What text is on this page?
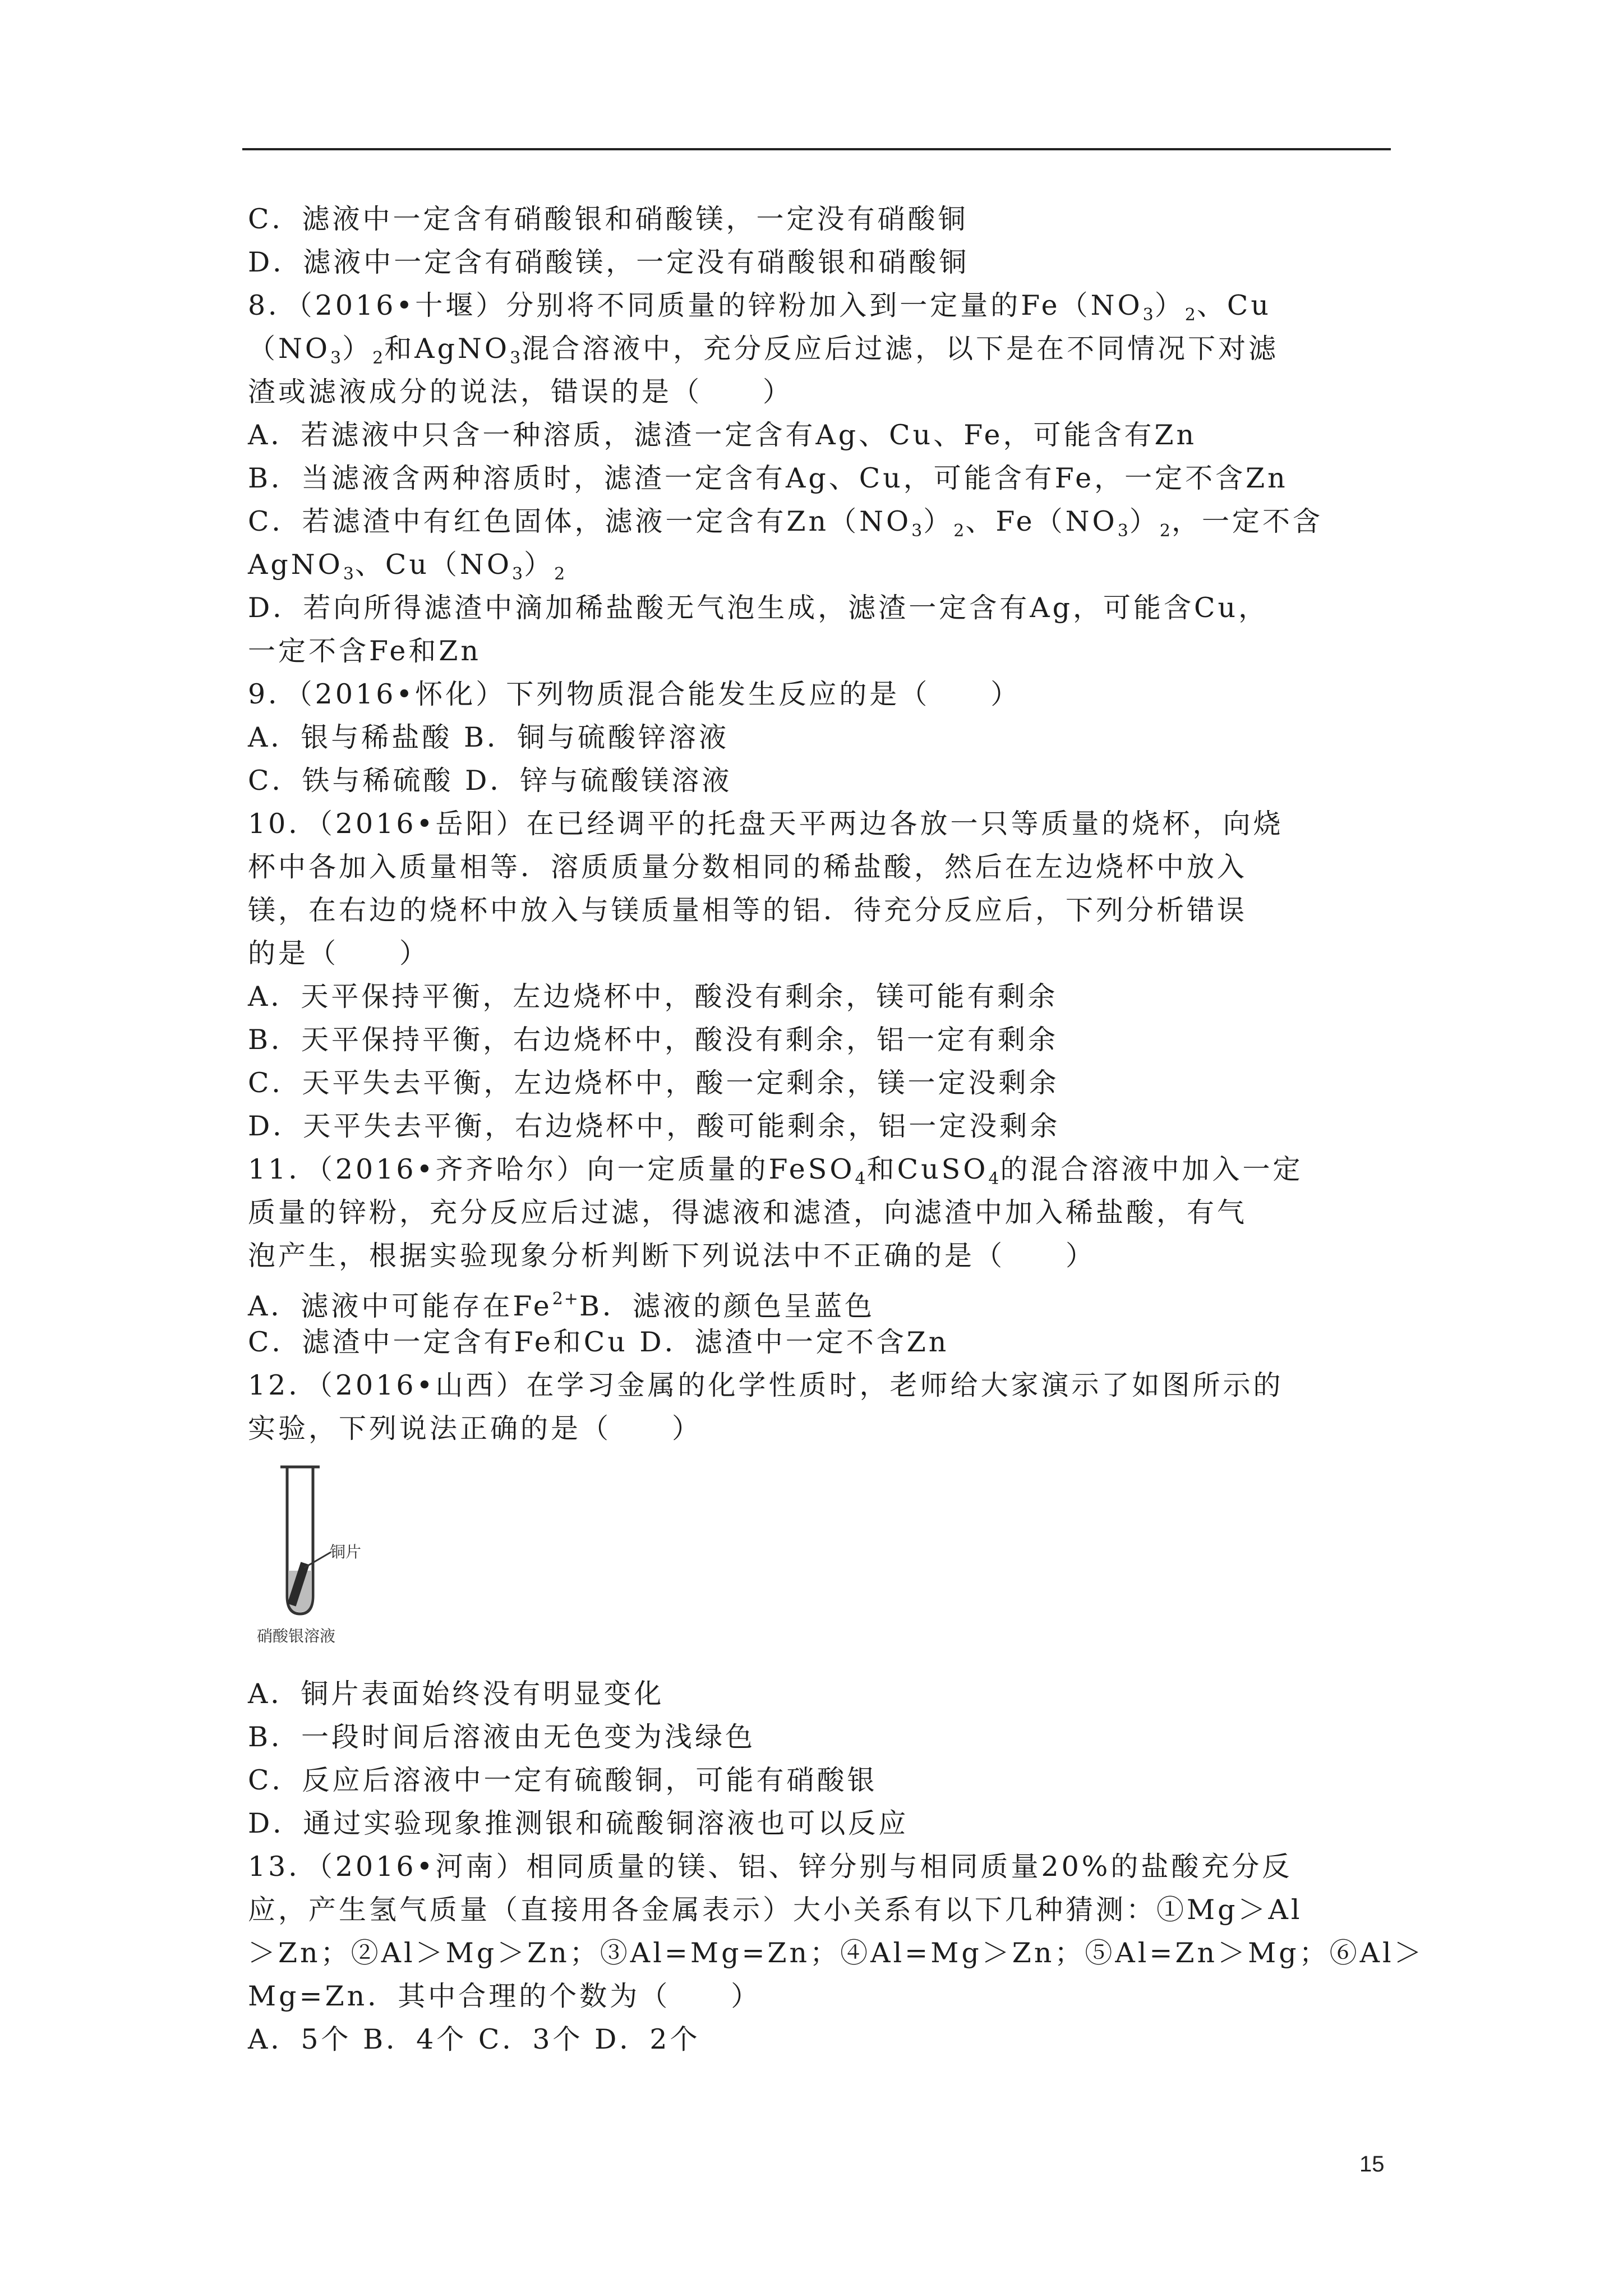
C．滤液中一定含有硝酸银和硝酸镁，一定没有硝酸铜
D．滤液中一定含有硝酸镁，一定没有硝酸银和硝酸铜
8．（2016•十堰）分别将不同质量的锌粉加入到一定量的$Fe(NO_3)_2$、Cu
$(NO_3)_2$和AgNO$_3$混合溶液中，充分反应后过滤，以下是在不同情况下对滤
渣或滤液成分的说法，错误的是（　　）
A．若滤液中只含一种溶质，滤渣一定含有Ag、Cu、Fe，可能含有Zn
B．当滤液含两种溶质时，滤渣一定含有Ag、Cu，可能含有Fe，一定不含Zn
C．若滤渣中有红色固体，滤液一定含有$Zn(NO_3)_2$、$Fe(NO_3)_2$，一定不含
AgNO$_3$、$Cu(NO_3)_2$
D．若向所得滤渣中滴加稀盐酸无气泡生成，滤渣一定含有Ag，可能含Cu，
一定不含Fe和Zn
9．（2016•怀化）下列物质混合能发生反应的是（　　）
A．银与稀盐酸 B．铜与硫酸锌溶液
C．铁与稀硫酸 D．锌与硫酸镁溶液
10．（2016•岳阳）在已经调平的托盘天平两边各放一只等质量的烧杯，向烧
杯中各加入质量相等．溶质质量分数相同的稀盐酸，然后在左边烧杯中放入
镁，在右边的烧杯中放入与镁质量相等的铝．待充分反应后，下列分析错误
的是（　　）
A．天平保持平衡，左边烧杯中，酸没有剩余，镁可能有剩余
B．天平保持平衡，右边烧杯中，酸没有剩余，铝一定有剩余
C．天平失去平衡，左边烧杯中，酸一定剩余，镁一定没剩余
D．天平失去平衡，右边烧杯中，酸可能剩余，铝一定没剩余
11．（2016•齐齐哈尔）向一定质量的FeSO$_4$和CuSO$_4$的混合溶液中加入一定
质量的锌粉，充分反应后过滤，得滤液和滤渣，向滤渣中加入稀盐酸，有气
泡产生，根据实验现象分析判断下列说法中不正确的是（　　）
A．滤液中可能存在$Fe^{2+}B$．滤液的颜色呈蓝色
C．滤渣中一定含有Fe和Cu D．滤渣中一定不含Zn
12．（2016•山西）在学习金属的化学性质时，老师给大家演示了如图所示的
实验，下列说法正确的是（　　）
铜片
硝酸银溶液
A．铜片表面始终没有明显变化
B．一段时间后溶液由无色变为浅绿色
C．反应后溶液中一定有硫酸铜，可能有硝酸银
D．通过实验现象推测银和硫酸铜溶液也可以反应
13．（2016•河南）相同质量的镁、铝、锌分别与相同质量20%的盐酸充分反
应，产生氢气质量（直接用各金属表示）大小关系有以下几种猜测：①Mg＞Al
＞Zn；②Al＞Mg＞Zn；③Al=Mg=Zn；④Al=Mg＞Zn；⑤Al=Zn＞Mg；⑥Al＞
Mg=Zn．其中合理的个数为（　　）
A．5个 B．4个 C．3个 D．2个
15
